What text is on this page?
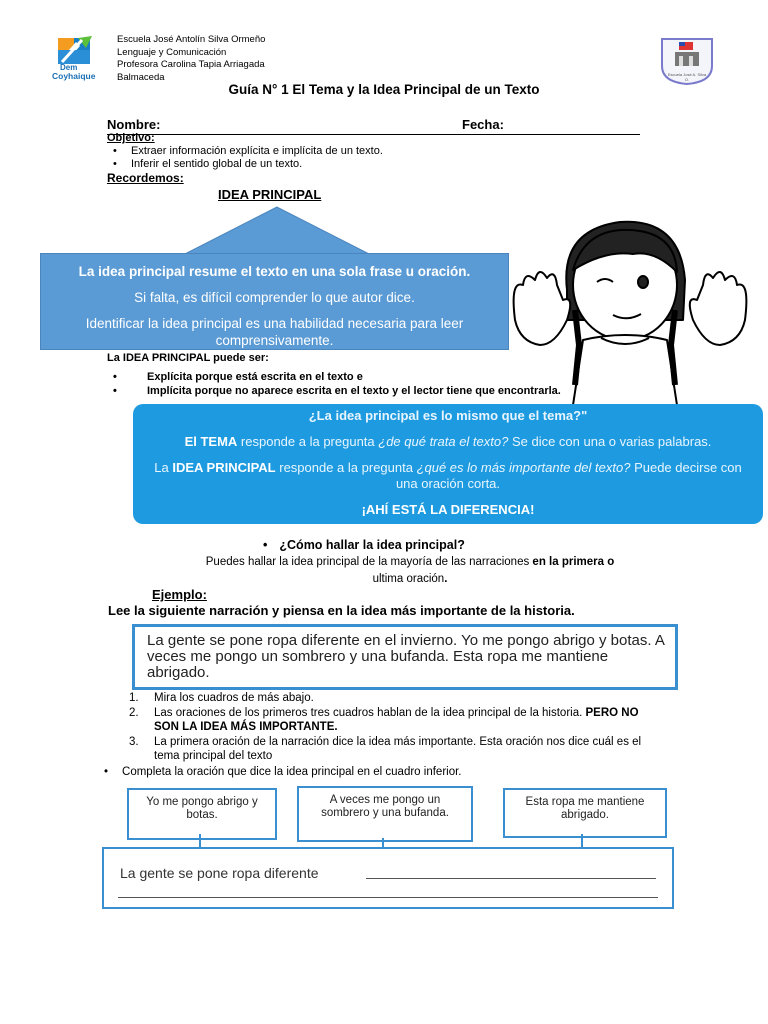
Dem
Coyhaique
Escuela José Antolín Silva Ormeño
Lenguaje y Comunicación
Profesora Carolina Tapia Arriagada
Balmaceda	Escuela José A. Silva O.
Guía N° 1 El Tema y la Idea Principal de un Texto
Nombre:	Fecha:
Objetivo:
• Extraer información explícita e implícita de un texto.
• Inferir el sentido global de un texto.
Recordemos:
IDEA PRINCIPAL
La idea principal resume el texto en una sola frase u oración.
Si falta, es difícil comprender lo que autor dice.
Identificar la idea principal es una habilidad necesaria para leer comprensivamente.
La IDEA PRINCIPAL puede ser:
• Explícita porque está escrita en el texto e
• Implícita porque no aparece escrita en el texto y el lector tiene que encontrarla.
¿La idea principal es lo mismo que el tema?"
El TEMA responde a la pregunta ¿de qué trata el texto? Se dice con una o varias palabras.
La IDEA PRINCIPAL responde a la pregunta ¿qué es lo más importante del texto? Puede decirse con una oración corta.
¡AHÍ ESTÁ LA DIFERENCIA!
• ¿Cómo hallar la idea principal?
Puedes hallar la idea principal de la mayoría de las narraciones en la primera o
ultima oración.
Ejemplo:
Lee la siguiente narración y piensa en la idea más importante de la historia.
La gente se pone ropa diferente en el invierno. Yo me pongo abrigo y botas. A veces me pongo un sombrero y una bufanda. Esta ropa me mantiene abrigado.
1. Mira los cuadros de más abajo.
2. Las oraciones de los primeros tres cuadros hablan de la idea principal de la historia. PERO NO SON LA IDEA MÁS IMPORTANTE.
3. La primera oración de la narración dice la idea más importante. Esta oración nos dice cuál es el tema principal del texto
• Completa la oración que dice la idea principal en el cuadro inferior.
Yo me pongo abrigo y botas.
A veces me pongo un sombrero y una bufanda.
Esta ropa me mantiene abrigado.
La gente se pone ropa diferente
